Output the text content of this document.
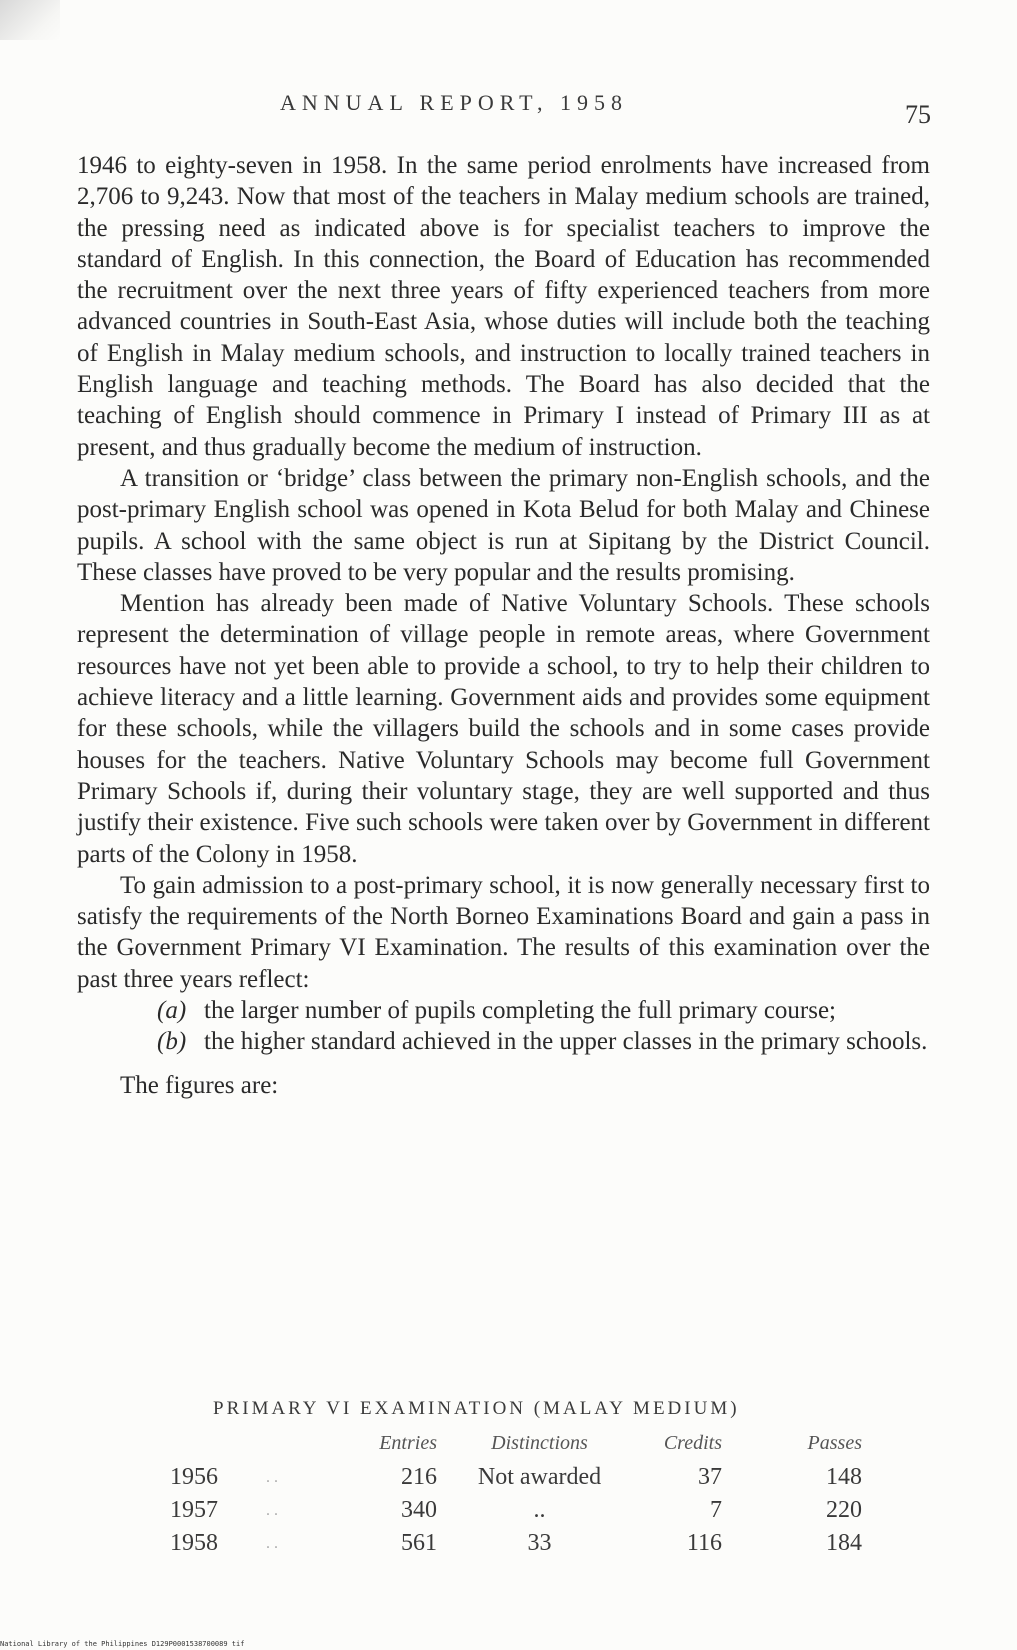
ANNUAL REPORT, 1958	75

1946 to eighty-seven in 1958. In the same period enrolments have increased from 2,706 to 9,243. Now that most of the teachers in Malay medium schools are trained, the pressing need as indicated above is for specialist teachers to improve the standard of English. In this connection, the Board of Education has recommended the recruitment over the next three years of fifty experienced teachers from more advanced countries in South-East Asia, whose duties will include both the teaching of English in Malay medium schools, and instruction to locally trained teachers in English language and teaching methods. The Board has also decided that the teaching of English should commence in Primary I instead of Primary III as at present, and thus gradually become the medium of instruction.

A transition or ‘bridge’ class between the primary non-English schools, and the post-primary English school was opened in Kota Belud for both Malay and Chinese pupils. A school with the same object is run at Sipitang by the District Council. These classes have proved to be very popular and the results promising.

Mention has already been made of Native Voluntary Schools. These schools represent the determination of village people in remote areas, where Government resources have not yet been able to provide a school, to try to help their children to achieve literacy and a little learning. Government aids and provides some equipment for these schools, while the villagers build the schools and in some cases provide houses for the teachers. Native Voluntary Schools may become full Government Primary Schools if, during their voluntary stage, they are well supported and thus justify their existence. Five such schools were taken over by Government in different parts of the Colony in 1958.

To gain admission to a post-primary school, it is now generally necessary first to satisfy the requirements of the North Borneo Examinations Board and gain a pass in the Government Primary VI Examination. The results of this examination over the past three years reflect:

(a) the larger number of pupils completing the full primary course;
(b) the higher standard achieved in the upper classes in the primary schools.

The figures are:

PRIMARY VI EXAMINATION (MALAY MEDIUM)
		Entries	Distinctions	Credits	Passes
1956	. .	216	Not awarded	37	148
1957	. .	340	..	7	220
1958	. .	561	33	116	184
National Library of the Philippines D129P0001538700089 tif
